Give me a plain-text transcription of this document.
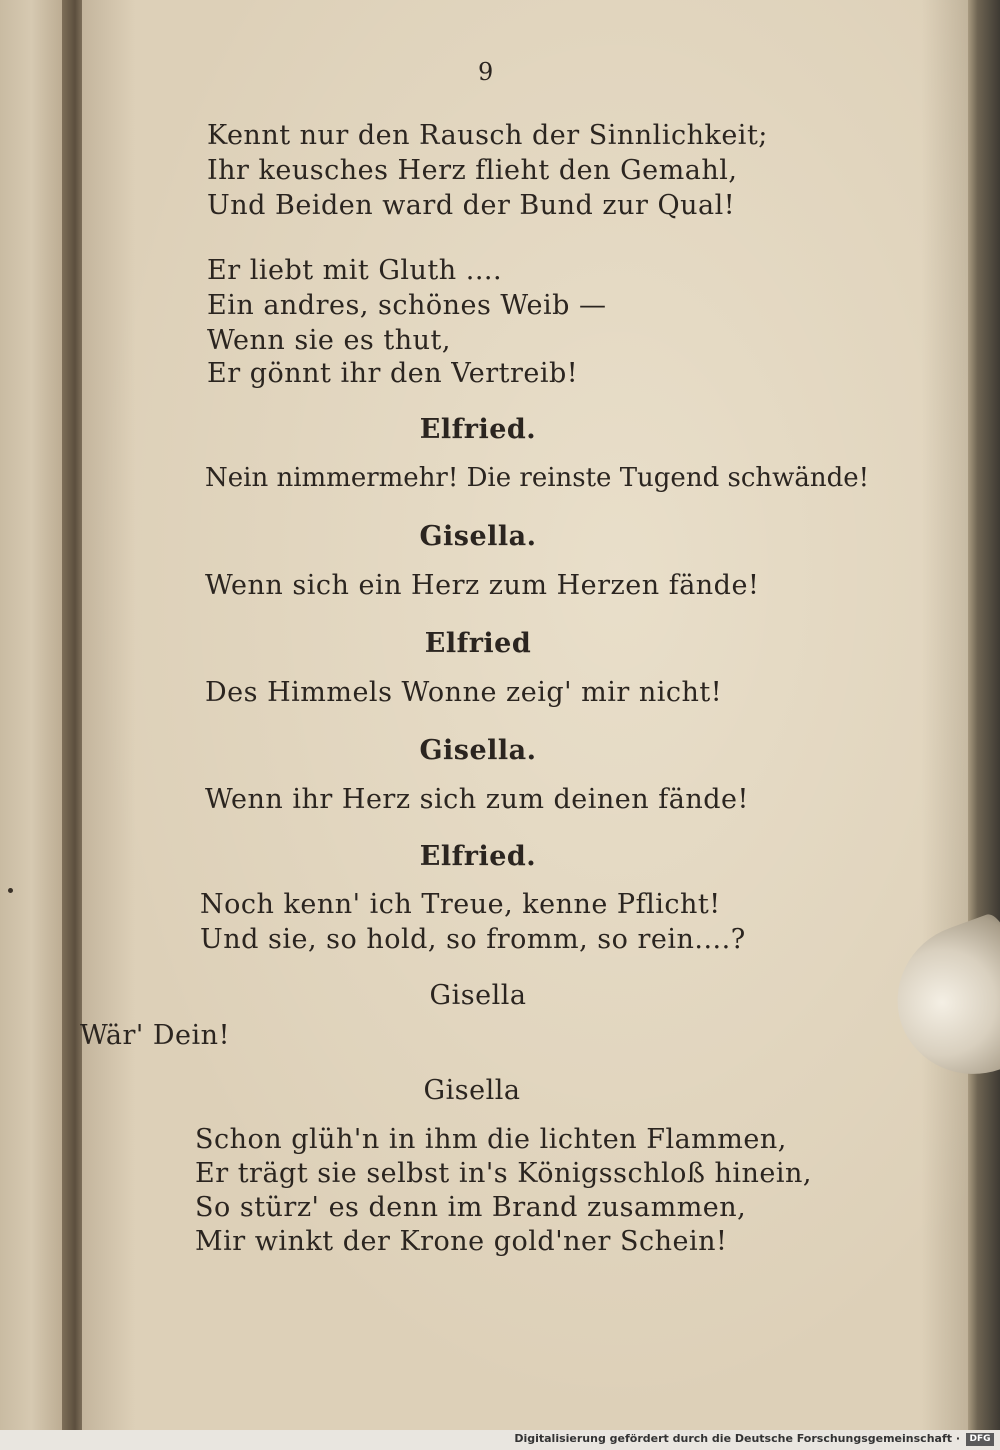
9
Kennt nur den Rausch der Sinnlichkeit;
Ihr keusches Herz flieht den Gemahl,
Und Beiden ward der Bund zur Qual!
Er liebt mit Gluth ....
Ein andres, schönes Weib —
Wenn sie es thut,
Er gönnt ihr den Vertreib!
Elfried.
Nein nimmermehr! Die reinste Tugend schwände!
Gisella.
Wenn sich ein Herz zum Herzen fände!
Elfried
Des Himmels Wonne zeig' mir nicht!
Gisella.
Wenn ihr Herz sich zum deinen fände!
Elfried.
Noch kenn' ich Treue, kenne Pflicht!
Und sie, so hold, so fromm, so rein....?
Gisella
Wär' Dein!
Gisella
Schon glüh'n in ihm die lichten Flammen,
Er trägt sie selbst in's Königsschloß hinein,
So stürz' es denn im Brand zusammen,
Mir winkt der Krone gold'ner Schein!
Digitalisierung gefördert durch die Deutsche Forschungsgemeinschaft ·	DFG
